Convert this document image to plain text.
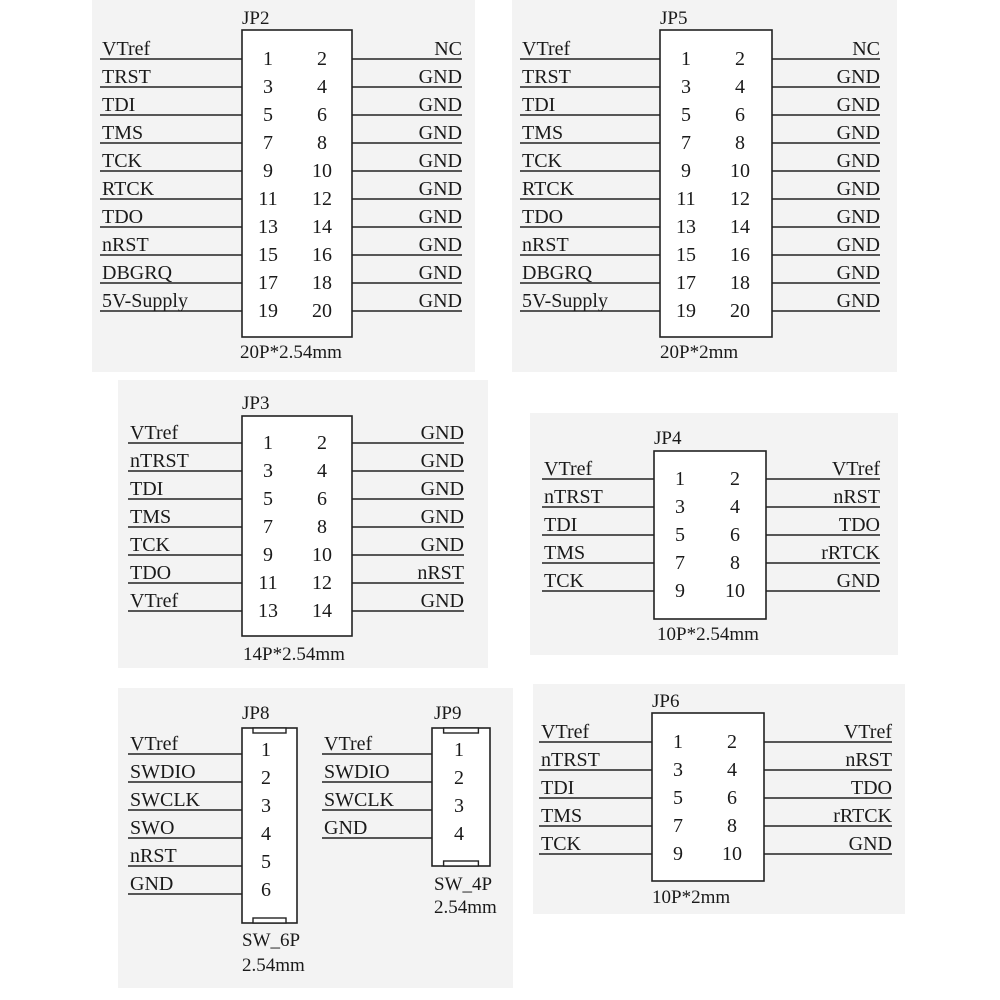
JP2
VTref
TRST
TDI
TMS
TCK
RTCK
TDO
nRST
DBGRQ
5V-Supply
NC
GND
GND
GND
GND
GND
GND
GND
GND
GND
1 2
3 4
5 6
7 8
9 10
11 12
13 14
15 16
17 18
19 20
20P*2.54mm
JP5
VTref
TRST
TDI
TMS
TCK
RTCK
TDO
nRST
DBGRQ
5V-Supply
NC
GND
GND
GND
GND
GND
GND
GND
GND
GND
1 2
3 4
5 6
7 8
9 10
11 12
13 14
15 16
17 18
19 20
20P*2mm
JP3
VTref
nTRST
TDI
TMS
TCK
TDO
VTref
GND
GND
GND
GND
GND
nRST
GND
1 2
3 4
5 6
7 8
9 10
11 12
13 14
14P*2.54mm
JP4
VTref
nTRST
TDI
TMS
TCK
VTref
nRST
TDO
rRTCK
GND
1 2
3 4
5 6
7 8
9 10
10P*2.54mm
JP8
VTref
SWDIO
SWCLK
SWO
nRST
GND
1
2
3
4
5
6
SW_6P
2.54mm
JP9
VTref
SWDIO
SWCLK
GND
1
2
3
4
SW_4P
2.54mm
JP6
VTref
nTRST
TDI
TMS
TCK
VTref
nRST
TDO
rRTCK
GND
1 2
3 4
5 6
7 8
9 10
10P*2mm
